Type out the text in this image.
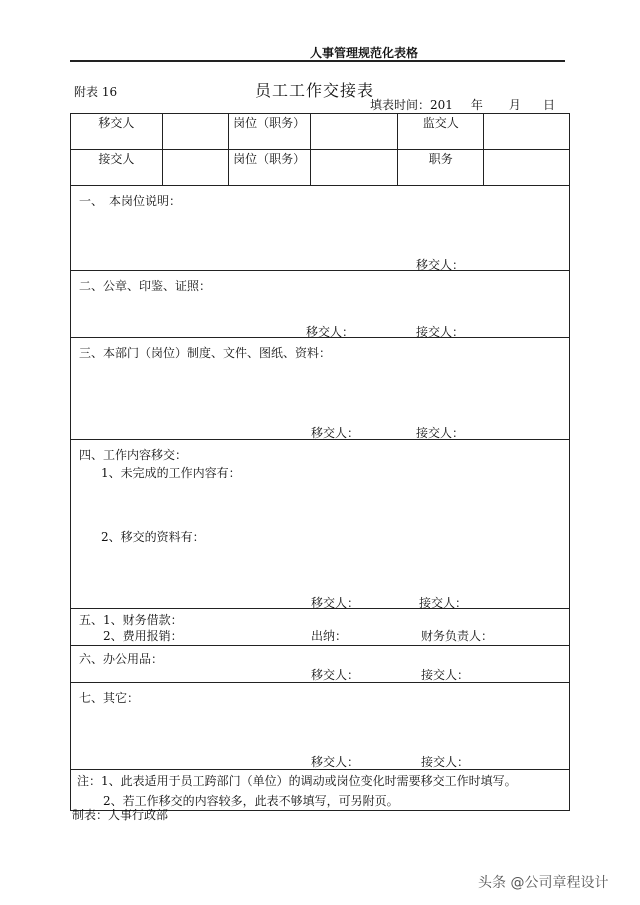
人事管理规范化表格
附表 16	员工工作交接表
填表时间：201 年 月 日
移交人		岗位（职务）		监交人	
接交人		岗位（职务）		职务	

一、　本岗位说明：
移交人：					

二、公章、印鉴、证照：
移交人： 接交人：					

三、本部门（岗位）制度、文件、图纸、资料：
移交人： 接交人：					

四、工作内容移交：
1、未完成的工作内容有：
2、移交的资料有：
移交人： 接交人：					

五、1、财务借款：
2、费用报销： 出纳： 财务负责人：					

六、办公用品：
移交人： 接交人：					

七、其它：
移交人： 接交人：					

注：1、此表适用于员工跨部门（单位）的调动或岗位变化时需要移交工作时填写。
2、若工作移交的内容较多，此表不够填写，可另附页。					
制表：人事行政部
头条 @公司章程设计
